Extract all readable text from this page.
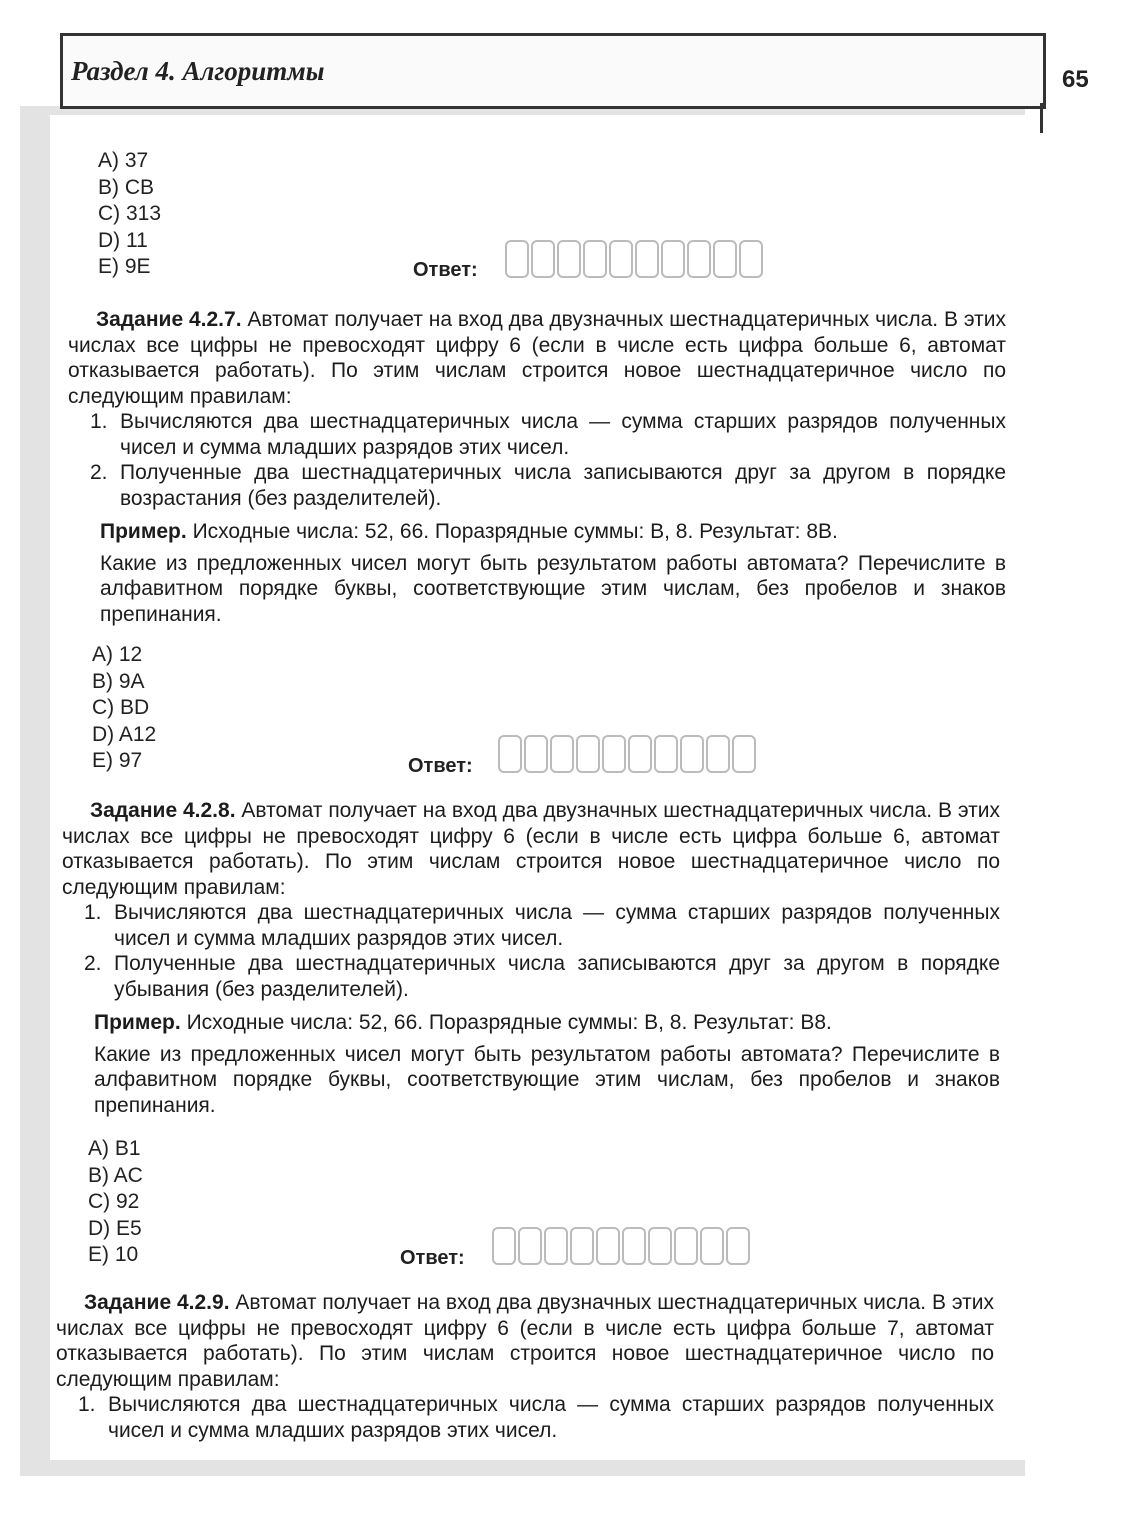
Раздел 4. Алгоритмы	65
A) 37
B) CB
C) 313
D) 11
E) 9E	Ответ:

Задание 4.2.7. Автомат получает на вход два двузначных шестнадцатеричных числа. В этих числах все цифры не превосходят цифру 6 (если в числе есть цифра больше 6, автомат отказывается работать). По этим числам строится новое шестнадцатеричное число по следующим правилам:

1. Вычисляются два шестнадцатеричных числа — сумма старших разрядов полученных чисел и сумма младших разрядов этих чисел.
2. Полученные два шестнадцатеричных числа записываются друг за другом в порядке возрастания (без разделителей).

Пример. Исходные числа: 52, 66. Поразрядные суммы: B, 8. Результат: 8B.

Какие из предложенных чисел могут быть результатом работы автомата? Перечислите в алфавитном порядке буквы, соответствующие этим числам, без пробелов и знаков препинания.

A) 12
B) 9A
C) BD
D) A12
E) 97	Ответ:

Задание 4.2.8. Автомат получает на вход два двузначных шестнадцатеричных числа. В этих числах все цифры не превосходят цифру 6 (если в числе есть цифра больше 6, автомат отказывается работать). По этим числам строится новое шестнадцатеричное число по следующим правилам:

1. Вычисляются два шестнадцатеричных числа — сумма старших разрядов полученных чисел и сумма младших разрядов этих чисел.
2. Полученные два шестнадцатеричных числа записываются друг за другом в порядке убывания (без разделителей).

Пример. Исходные числа: 52, 66. Поразрядные суммы: B, 8. Результат: B8.

Какие из предложенных чисел могут быть результатом работы автомата? Перечислите в алфавитном порядке буквы, соответствующие этим числам, без пробелов и знаков препинания.

A) B1
B) AC
C) 92
D) E5
E) 10	Ответ:

Задание 4.2.9. Автомат получает на вход два двузначных шестнадцатеричных числа. В этих числах все цифры не превосходят цифру 6 (если в числе есть цифра больше 7, автомат отказывается работать). По этим числам строится новое шестнадцатеричное число по следующим правилам:

1. Вычисляются два шестнадцатеричных числа — сумма старших разрядов полученных чисел и сумма младших разрядов этих чисел.
